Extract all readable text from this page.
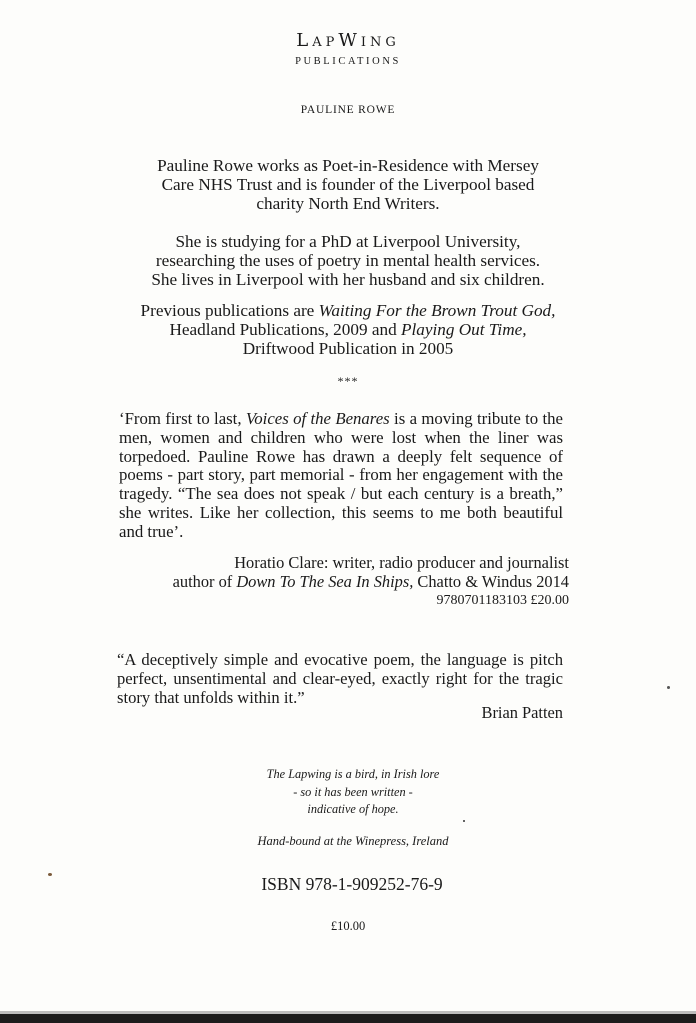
LapWing
PUBLICATIONS
PAULINE ROWE
Pauline Rowe works as Poet-in-Residence with Mersey
Care NHS Trust and is founder of the Liverpool based
charity North End Writers.
She is studying for a PhD at Liverpool University,
researching the uses of poetry in mental health services.
She lives in Liverpool with her husband and six children.
Previous publications are Waiting For the Brown Trout God,
Headland Publications, 2009 and Playing Out Time,
Driftwood Publication in 2005
***
‘From first to last, Voices of the Benares is a moving tribute to the men, women and children who were lost when the liner was torpedoed. Pauline Rowe has drawn a deeply felt sequence of poems - part story, part memorial - from her engagement with the tragedy. “The sea does not speak / but each century is a breath,” she writes. Like her collection, this seems to me both beautiful and true’.
Horatio Clare: writer, radio producer and journalist
author of Down To The Sea In Ships, Chatto & Windus 2014
9780701183103 £20.00
“A deceptively simple and evocative poem, the language is pitch perfect, unsentimental and clear-eyed, exactly right for the tragic story that unfolds within it.”
Brian Patten
The Lapwing is a bird, in Irish lore
- so it has been written -
indicative of hope.
Hand-bound at the Winepress, Ireland
ISBN 978-1-909252-76-9
£10.00
